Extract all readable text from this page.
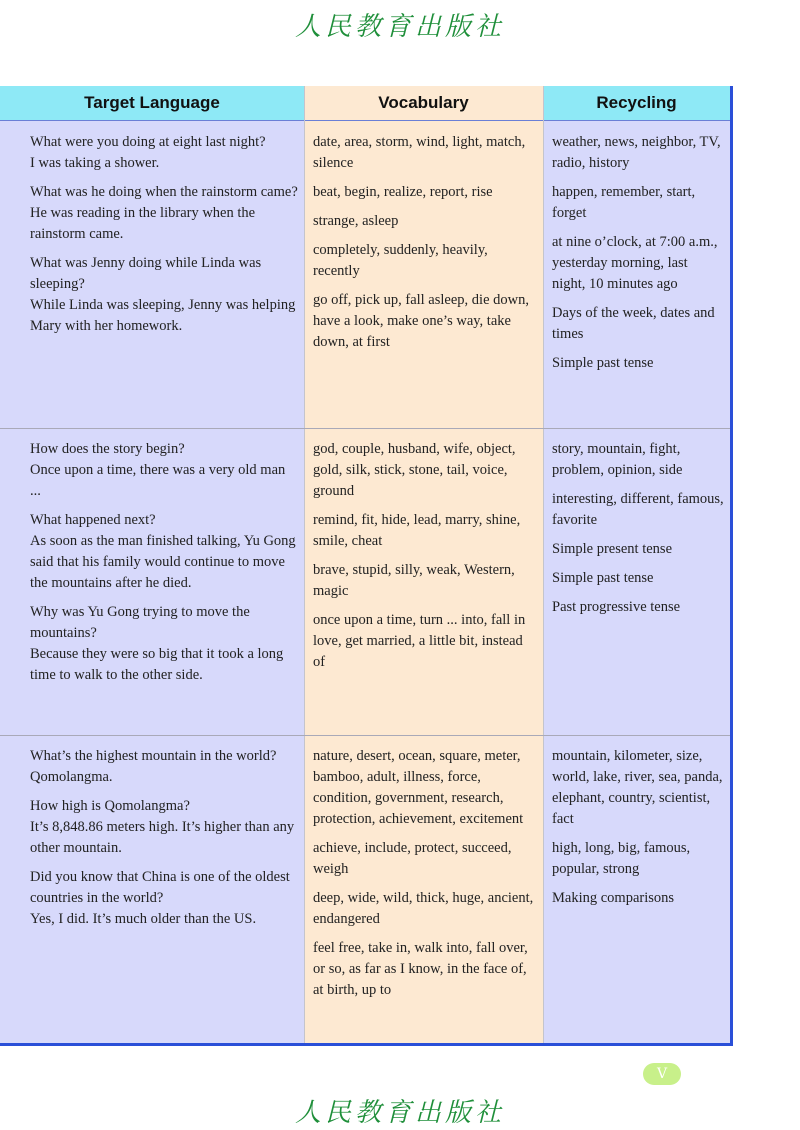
人民教育出版社
Target Language	Vocabulary	Recycling
What were you doing at eight last night?
I was taking a shower.
What was he doing when the rainstorm came?
He was reading in the library when the rainstorm came.
What was Jenny doing while Linda was sleeping?
While Linda was sleeping, Jenny was helping Mary with her homework.
date, area, storm, wind, light, match, silence
beat, begin, realize, report, rise
strange, asleep
completely, suddenly, heavily, recently
go off, pick up, fall asleep, die down, have a look, make one’s way, take down, at first
weather, news, neighbor, TV, radio, history
happen, remember, start, forget
at nine o’clock, at 7:00 a.m., yesterday morning, last night, 10 minutes ago
Days of the week, dates and times
Simple past tense
How does the story begin?
Once upon a time, there was a very old man ...
What happened next?
As soon as the man finished talking, Yu Gong said that his family would continue to move the mountains after he died.
Why was Yu Gong trying to move the mountains?
Because they were so big that it took a long time to walk to the other side.
god, couple, husband, wife, object, gold, silk, stick, stone, tail, voice, ground
remind, fit, hide, lead, marry, shine, smile, cheat
brave, stupid, silly, weak, Western, magic
once upon a time, turn ... into, fall in love, get married, a little bit, instead of
story, mountain, fight, problem, opinion, side
interesting, different, famous, favorite
Simple present tense
Simple past tense
Past progressive tense
What’s the highest mountain in the world?
Qomolangma.
How high is Qomolangma?
It’s 8,848.86 meters high. It’s higher than any other mountain.
Did you know that China is one of the oldest countries in the world?
Yes, I did. It’s much older than the US.
nature, desert, ocean, square, meter, bamboo, adult, illness, force, condition, government, research, protection, achievement, excitement
achieve, include, protect, succeed, weigh
deep, wide, wild, thick, huge, ancient, endangered
feel free, take in, walk into, fall over, or so, as far as I know, in the face of, at birth, up to
mountain, kilometer, size, world, lake, river, sea, panda, elephant, country, scientist, fact
high, long, big, famous, popular, strong
Making comparisons
V
人民教育出版社
